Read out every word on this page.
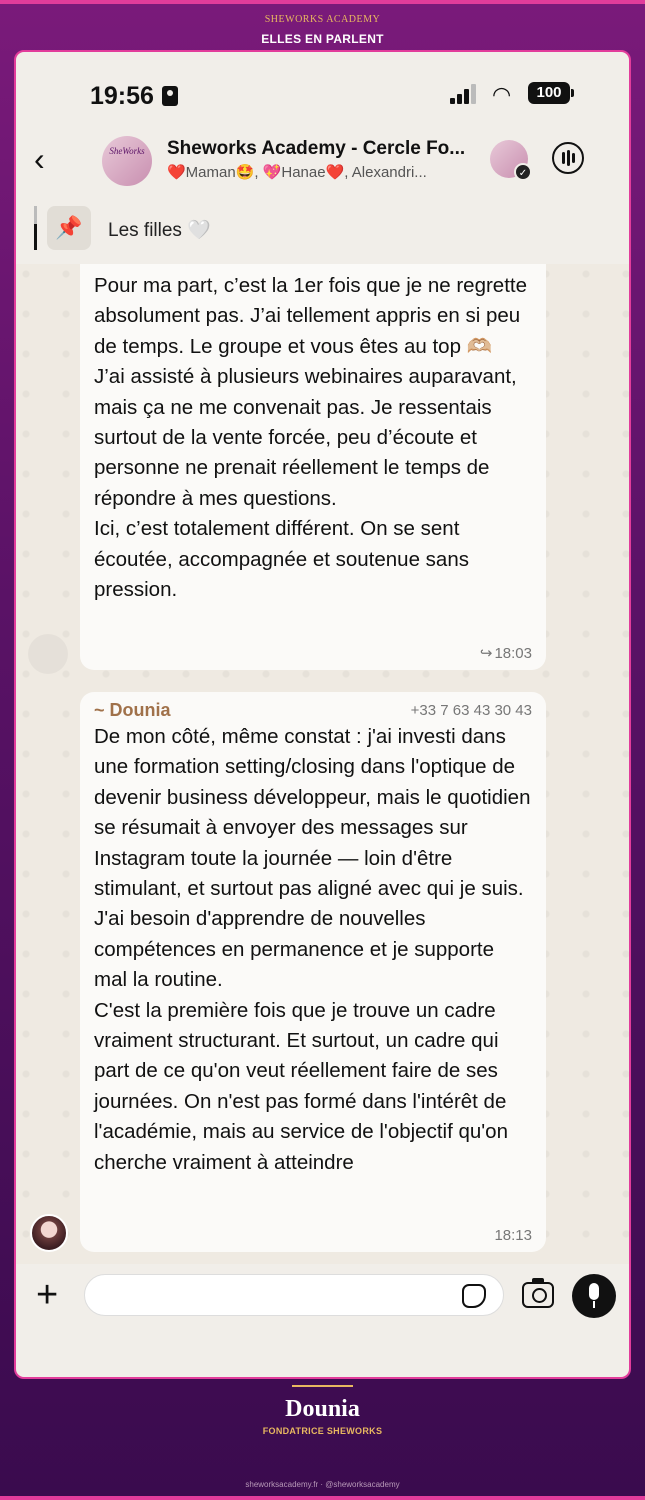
SHEWORKS ACADEMY
ELLES EN PARLENT
19:56	◠	100
‹	SheWorks	Sheworks Academy - Cercle Fo...
❤️Maman🤩, 💖Hanae❤️, Alexandri...	✓
📌	Les filles 🤍
Pour ma part, c’est la 1er fois que je ne regrette absolument pas. J’ai tellement appris en si peu de temps. Le groupe et vous êtes au top 🫶🏼
J’ai assisté à plusieurs webinaires auparavant, mais ça ne me convenait pas. Je ressentais surtout de la vente forcée, peu d’écoute et personne ne prenait réellement le temps de répondre à mes questions.
Ici, c’est totalement différent. On se sent écoutée, accompagnée et soutenue sans pression.
↪ 18:03
~ Dounia	+33 7 63 43 30 43
De mon côté, même constat : j'ai investi dans une formation setting/closing dans l'optique de devenir business développeur, mais le quotidien se résumait à envoyer des messages sur Instagram toute la journée — loin d'être stimulant, et surtout pas aligné avec qui je suis. J'ai besoin d'apprendre de nouvelles compétences en permanence et je supporte mal la routine.
C'est la première fois que je trouve un cadre vraiment structurant. Et surtout, un cadre qui part de ce qu'on veut réellement faire de ses journées. On n'est pas formé dans l'intérêt de l'académie, mais au service de l'objectif qu'on cherche vraiment à atteindre
18:13
+
Dounia
FONDATRICE SHEWORKS
sheworksacademy.fr · @sheworksacademy
